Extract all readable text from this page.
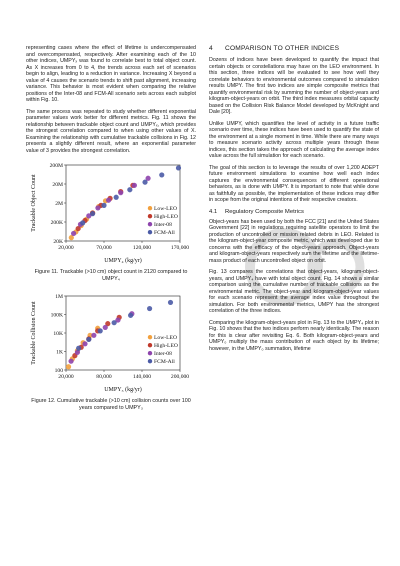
representing cases where the effect of lifetime is undercompensated and overcompensated, respectively. After examining each of the 10 other indices, UMPYₓ was found to correlate best to total object count. As X increases from 0 to 4, the trends across each set of scenarios begin to align, leading to a reduction in variance. Increasing X beyond a value of 4 causes the scenario trends to shift past alignment, increasing variance. This behavior is most evident when comparing the relative positions of the Inter-08 and FCM-All scenario sets across each subplot within Fig. 10.

The same process was repeated to study whether different exponential parameter values work better for different metrics. Fig. 11 shows the relationship between trackable object count and UMPYₓ, which provides the strongest correlation compared to when using other values of X. Examining the relationship with cumulative trackable collisions in Fig. 12 presents a slightly different result, where an exponential parameter value of 3 provides the strongest correlation.

20K
200K
2M
20M
200M
20,000	70,000	120,000	170,000
UMPY₄ (kg/yr)
Trackable Object Count	Low-LEO
High-LEO
Inter-08
FCM-All
Figure 11. Trackable (>10 cm) object count in 2120 compared to UMPY₄
100
1K
10K
100K
1M
20,000	80,000	140,000	200,000
UMPY₃ (kg/yr)
Trackable Collision Count	Low-LEO
High-LEO
Inter-08
FCM-All
Figure 12. Cumulative trackable (>10 cm) collision counts over 100 years compared to UMPY₃
4 COMPARISON TO OTHER INDICES

Dozens of indices have been developed to quantify the impact that certain objects or constellations may have on the LEO environment. In this section, three indices will be evaluated to see how well they correlate behaviors to environmental outcomes compared to simulation results UMPY. The first two indices are simple composite metrics that quantify environmental risk by summing the number of object-years and kilogram-object-years on orbit. The third index measures orbital capacity based on the Collision Risk Balance Model developed by McKnight and Dale [20].

Unlike UMPY, which quantifies the level of activity in a future traffic scenario over time, these indices have been used to quantify the state of the environment at a single moment in time. While there are many ways to measure scenario activity across multiple years through these indices, this section takes the approach of calculating the average index value across the full simulation for each scenario.

The goal of this section is to leverage the results of over 1,200 ADEPT future environment simulations to examine how well each index captures the environmental consequences of different operational behaviors, as is done with UMPY. It is important to note that while done as faithfully as possible, the implementation of these indices may differ in scope from the original intentions of their respective creators.

4.1 Regulatory Composite Metrics

Object-years has been used by both the FCC [21] and the United States Government [22] in regulations requiring satellite operators to limit the production of uncontrolled or mission related debris in LEO. Related is the kilogram-object-year composite metric, which was developed due to concerns with the efficacy of the object-years approach. Object-years and kilogram-object-years respectively sum the lifetime and the lifetime-mass product of each uncontrolled object on orbit.

Fig. 13 compares the correlations that object-years, kilogram-object-years, and UMPY₄ have with total object count. Fig. 14 shows a similar comparison using the cumulative number of trackable collisions as the environmental metric. The object-year and kilogram-object-year values for each scenario represent the average index value throughout the simulation. For both environmental metrics, UMPY has the strongest correlation of the three indices.

Comparing the kilogram-object-years plot in Fig. 13 to the UMPY₄ plot in Fig. 10 shows that the two indices perform nearly identically. The reason for this is clear after revisiting Eq. 6. Both kilogram-object-years and UMPY₀ multiply the mass contribution of each object by its lifetime; however, in the UMPY₀ summation, lifetime
